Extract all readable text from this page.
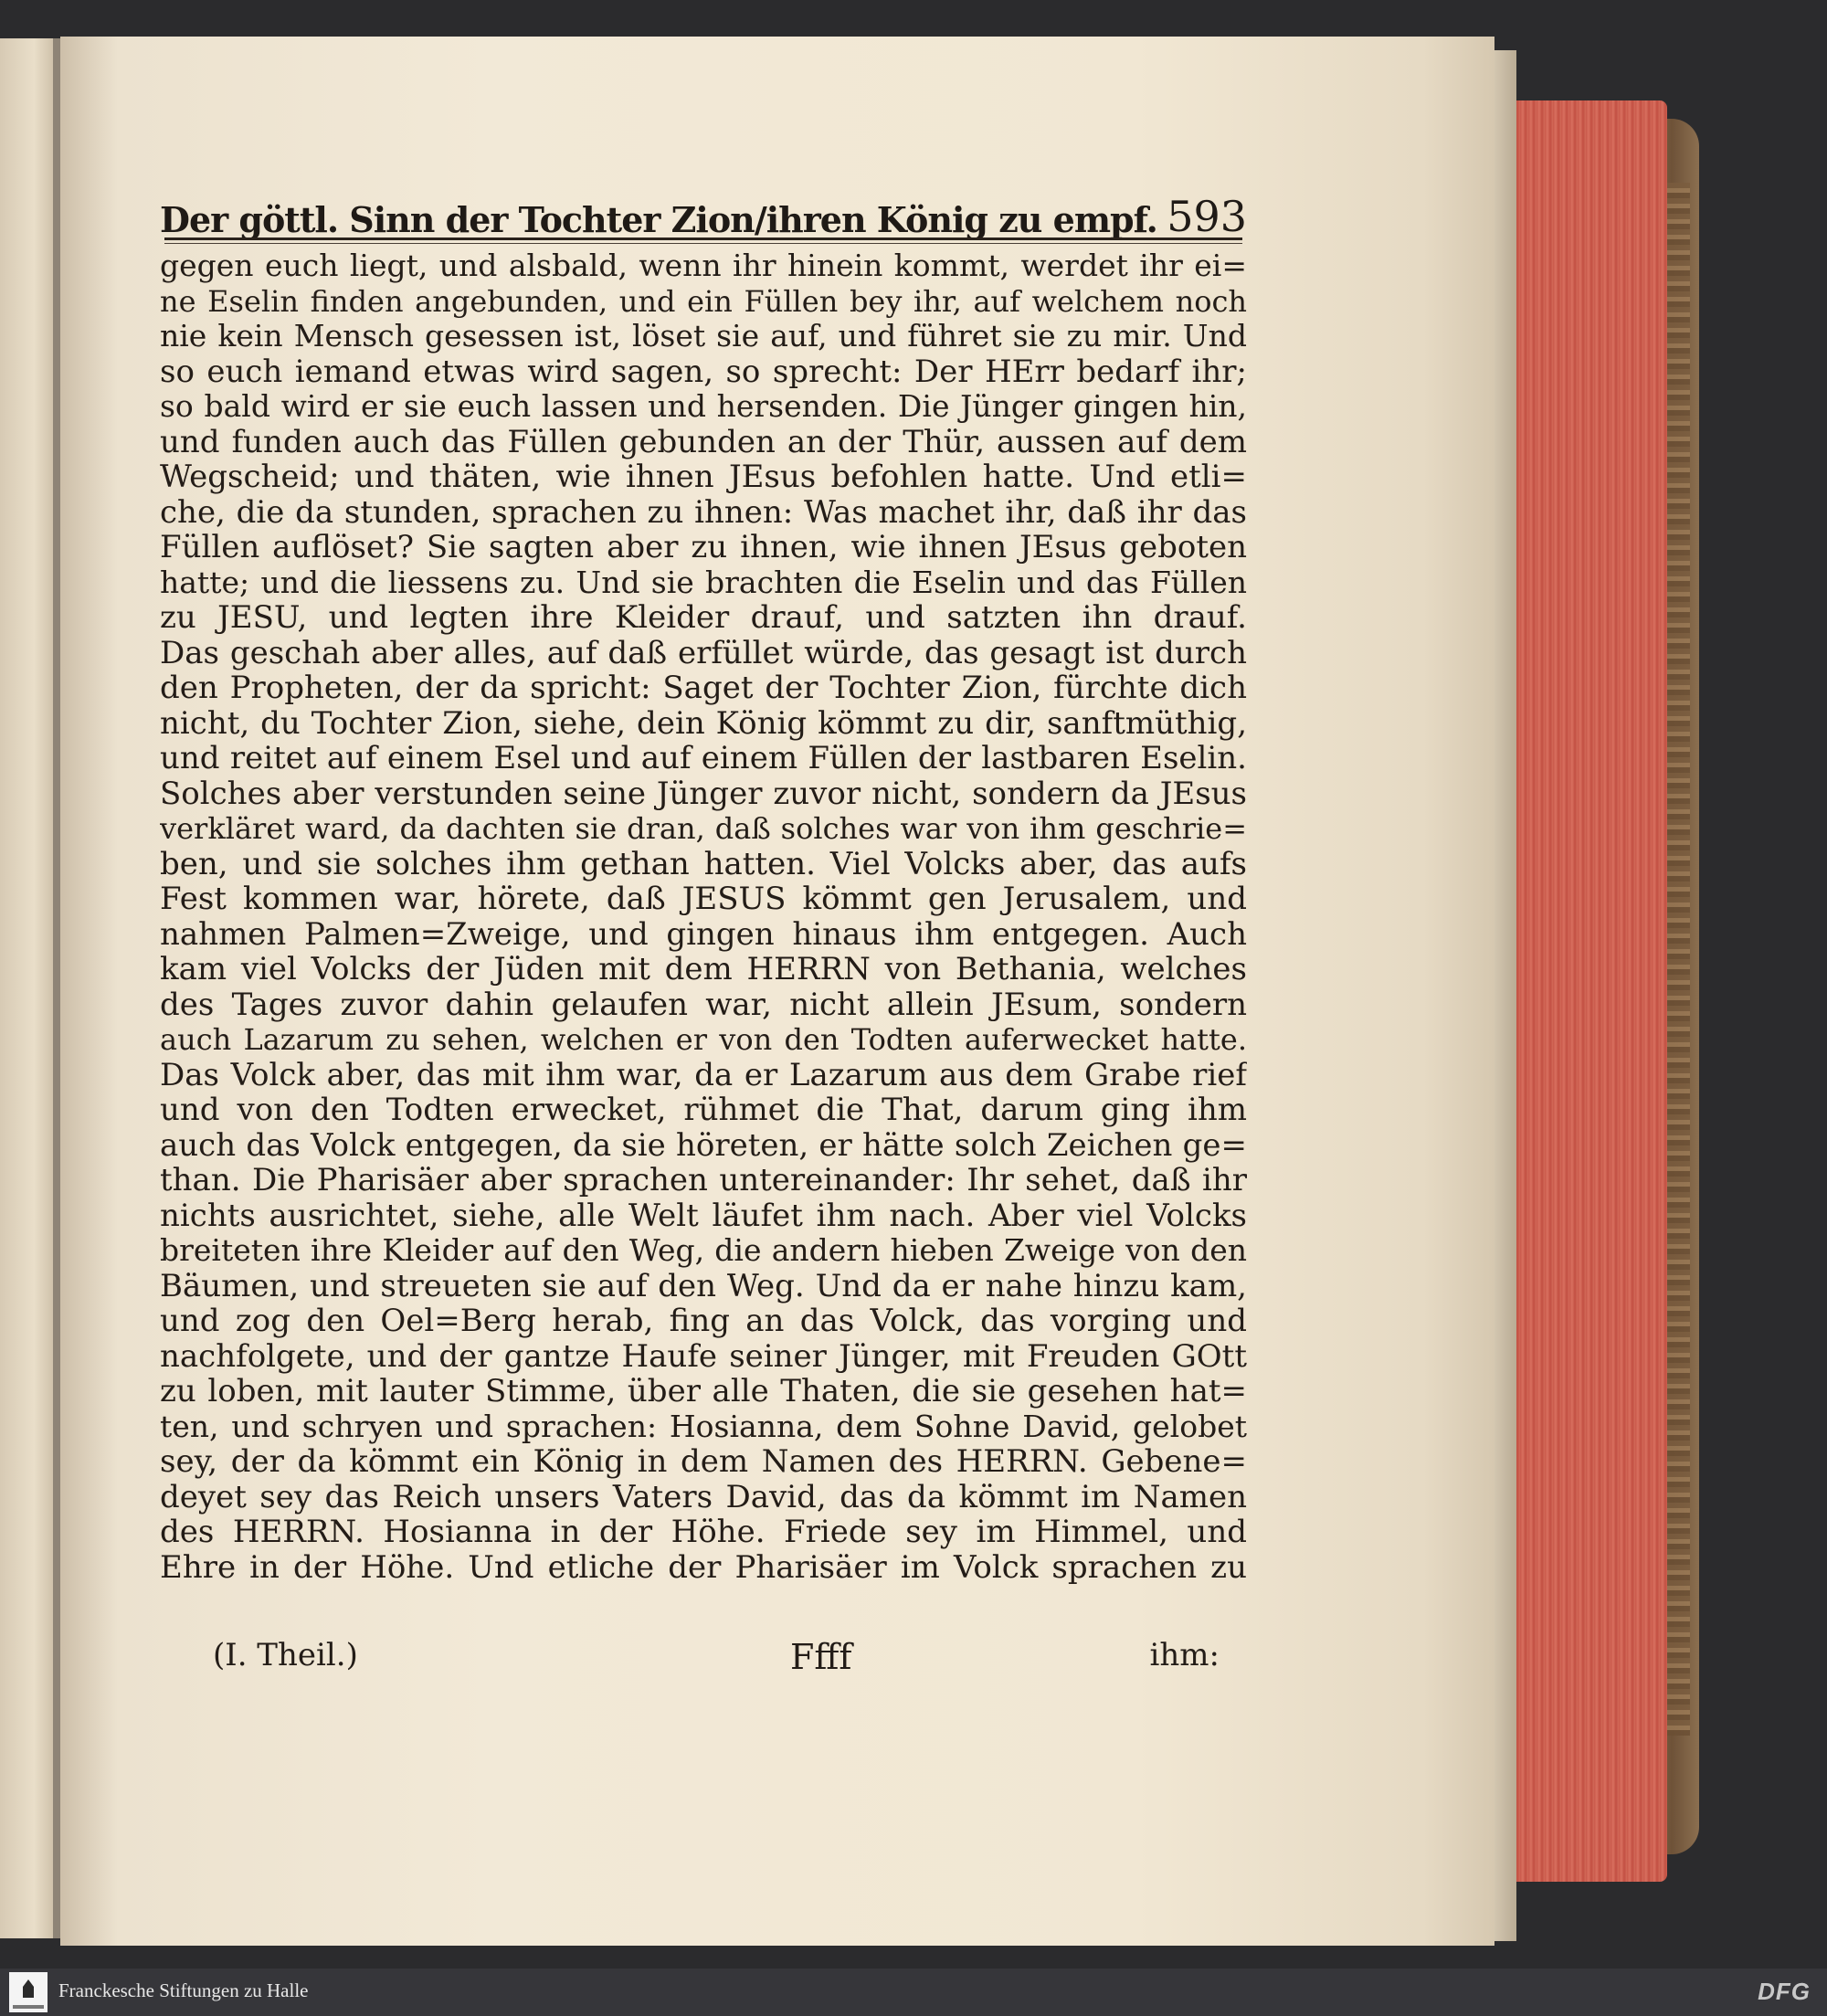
Der göttl. Sinn der Tochter Zion/ihren König zu empf. 593
gegen euch liegt, und alsbald, wenn ihr hinein kommt, werdet ihr ei=
ne Eselin finden angebunden, und ein Füllen bey ihr, auf welchem noch
nie kein Mensch gesessen ist, löset sie auf, und führet sie zu mir. Und
so euch iemand etwas wird sagen, so sprecht: Der HErr bedarf ihr;
so bald wird er sie euch lassen und hersenden. Die Jünger gingen hin,
und funden auch das Füllen gebunden an der Thür, aussen auf dem
Wegscheid; und thäten, wie ihnen JEsus befohlen hatte. Und etli=
che, die da stunden, sprachen zu ihnen: Was machet ihr, daß ihr das
Füllen auflöset? Sie sagten aber zu ihnen, wie ihnen JEsus geboten
hatte; und die liessens zu. Und sie brachten die Eselin und das Füllen
zu JESU, und legten ihre Kleider drauf, und satzten ihn drauf.
Das geschah aber alles, auf daß erfüllet würde, das gesagt ist durch
den Propheten, der da spricht: Saget der Tochter Zion, fürchte dich
nicht, du Tochter Zion, siehe, dein König kömmt zu dir, sanftmüthig,
und reitet auf einem Esel und auf einem Füllen der lastbaren Eselin.
Solches aber verstunden seine Jünger zuvor nicht, sondern da JEsus
verkläret ward, da dachten sie dran, daß solches war von ihm geschrie=
ben, und sie solches ihm gethan hatten. Viel Volcks aber, das aufs
Fest kommen war, hörete, daß JESUS kömmt gen Jerusalem, und
nahmen Palmen=Zweige, und gingen hinaus ihm entgegen. Auch
kam viel Volcks der Jüden mit dem HERRN von Bethania, welches
des Tages zuvor dahin gelaufen war, nicht allein JEsum, sondern
auch Lazarum zu sehen, welchen er von den Todten auferwecket hatte.
Das Volck aber, das mit ihm war, da er Lazarum aus dem Grabe rief
und von den Todten erwecket, rühmet die That, darum ging ihm
auch das Volck entgegen, da sie höreten, er hätte solch Zeichen ge=
than. Die Pharisäer aber sprachen untereinander: Ihr sehet, daß ihr
nichts ausrichtet, siehe, alle Welt läufet ihm nach. Aber viel Volcks
breiteten ihre Kleider auf den Weg, die andern hieben Zweige von den
Bäumen, und streueten sie auf den Weg. Und da er nahe hinzu kam,
und zog den Oel=Berg herab, fing an das Volck, das vorging und
nachfolgete, und der gantze Haufe seiner Jünger, mit Freuden GOtt
zu loben, mit lauter Stimme, über alle Thaten, die sie gesehen hat=
ten, und schryen und sprachen: Hosianna, dem Sohne David, gelobet
sey, der da kömmt ein König in dem Namen des HERRN. Gebene=
deyet sey das Reich unsers Vaters David, das da kömmt im Namen
des HERRN. Hosianna in der Höhe. Friede sey im Himmel, und
Ehre in der Höhe. Und etliche der Pharisäer im Volck sprachen zu
(I. Theil.)	Ffff	ihm:
Franckesche Stiftungen zu Halle	DFG
